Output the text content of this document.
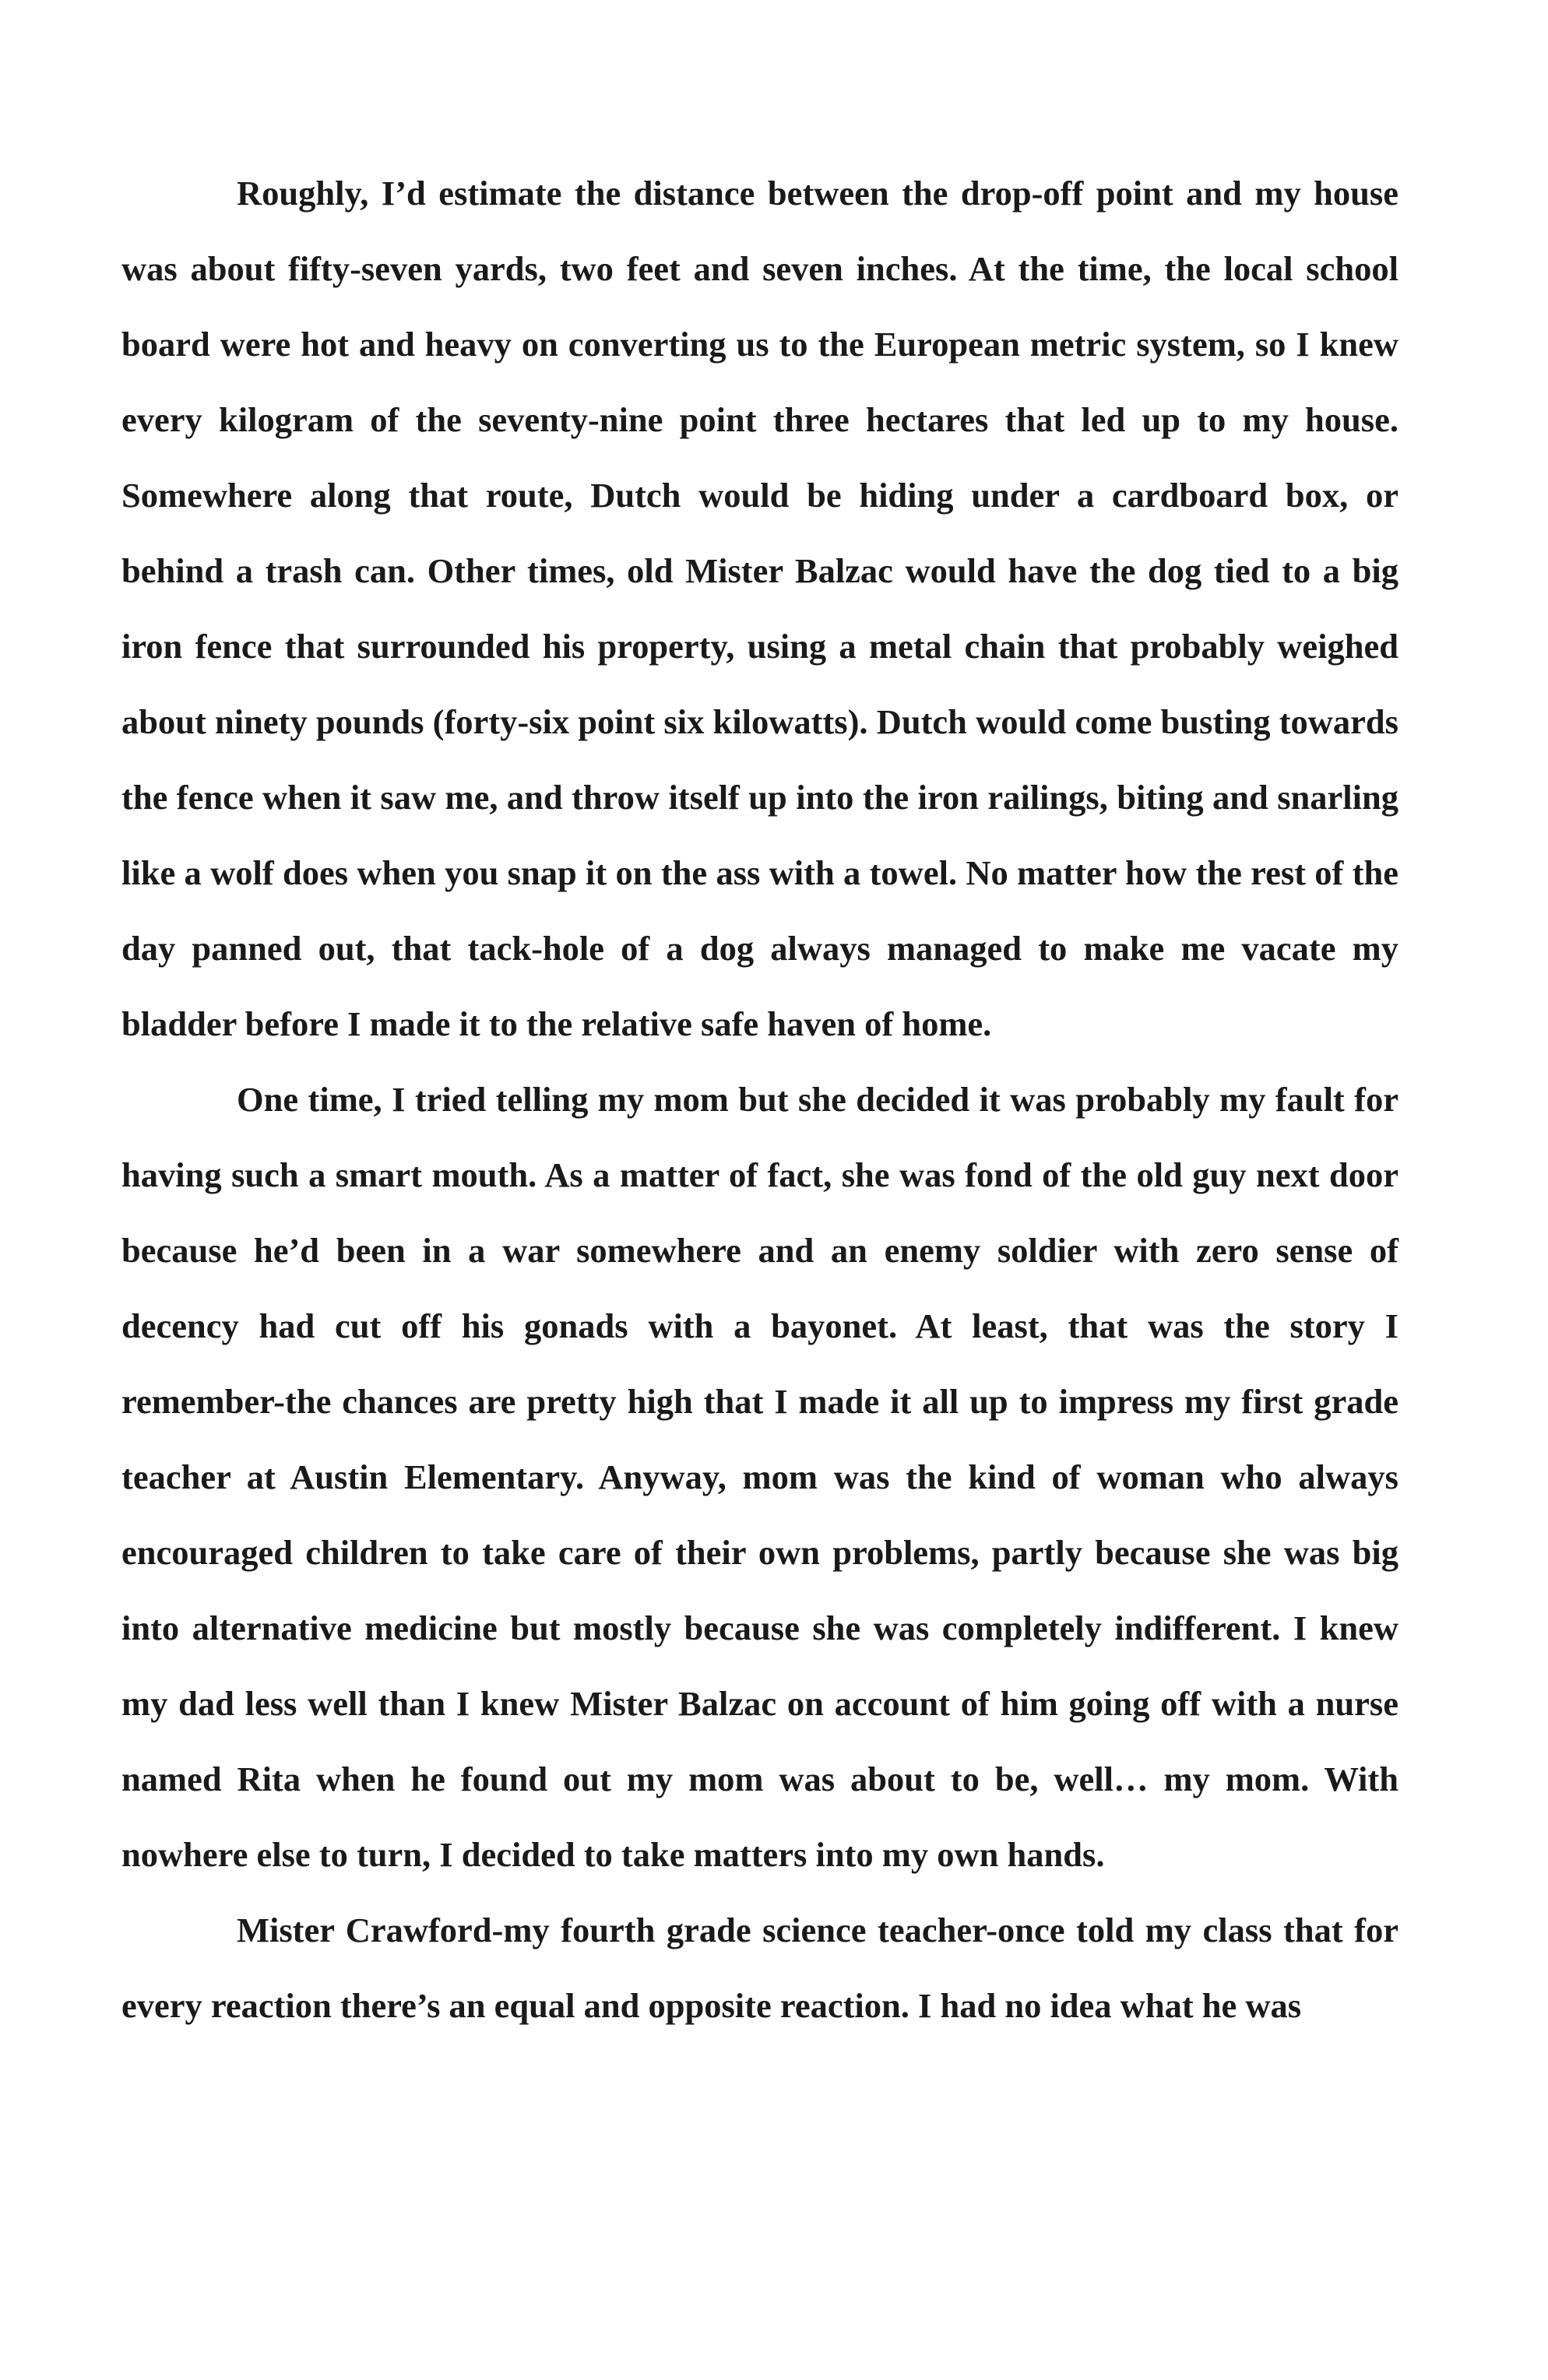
Roughly, I’d estimate the distance between the drop-off point and my house was about fifty-seven yards, two feet and seven inches. At the time, the local school board were hot and heavy on converting us to the European metric system, so I knew every kilogram of the seventy-nine point three hectares that led up to my house. Somewhere along that route, Dutch would be hiding under a cardboard box, or behind a trash can. Other times, old Mister Balzac would have the dog tied to a big iron fence that surrounded his property, using a metal chain that probably weighed about ninety pounds (forty-six point six kilowatts). Dutch would come busting towards the fence when it saw me, and throw itself up into the iron railings, biting and snarling like a wolf does when you snap it on the ass with a towel. No matter how the rest of the day panned out, that tack-hole of a dog always managed to make me vacate my bladder before I made it to the relative safe haven of home.

One time, I tried telling my mom but she decided it was probably my fault for having such a smart mouth. As a matter of fact, she was fond of the old guy next door because he’d been in a war somewhere and an enemy soldier with zero sense of decency had cut off his gonads with a bayonet. At least, that was the story I remember-the chances are pretty high that I made it all up to impress my first grade teacher at Austin Elementary. Anyway, mom was the kind of woman who always encouraged children to take care of their own problems, partly because she was big into alternative medicine but mostly because she was completely indifferent. I knew my dad less well than I knew Mister Balzac on account of him going off with a nurse named Rita when he found out my mom was about to be, well… my mom. With nowhere else to turn, I decided to take matters into my own hands.

Mister Crawford-my fourth grade science teacher-once told my class that for every reaction there’s an equal and opposite reaction. I had no idea what he was
